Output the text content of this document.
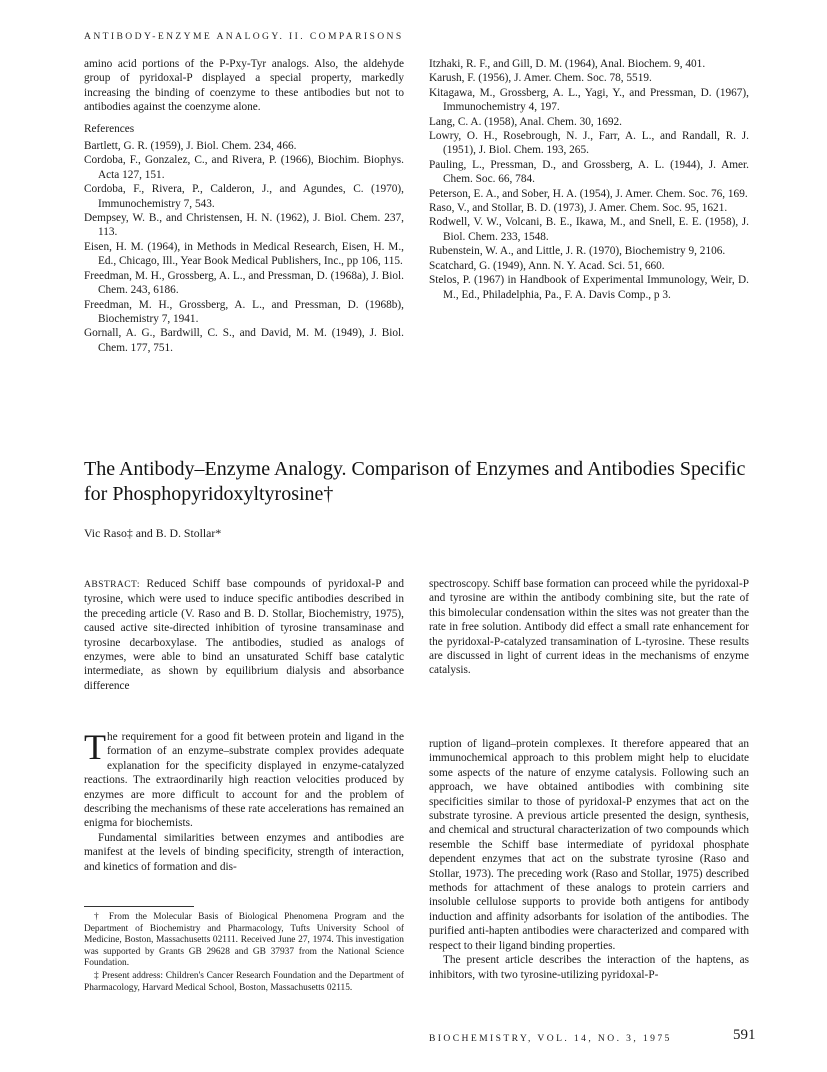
ANTIBODY-ENZYME ANALOGY. II. COMPARISONS

amino acid portions of the P-Pxy-Tyr analogs. Also, the aldehyde group of pyridoxal-P displayed a special property, markedly increasing the binding of coenzyme to these antibodies but not to antibodies against the coenzyme alone.

References

Bartlett, G. R. (1959), J. Biol. Chem. 234, 466.

Cordoba, F., Gonzalez, C., and Rivera, P. (1966), Biochim. Biophys. Acta 127, 151.

Cordoba, F., Rivera, P., Calderon, J., and Agundes, C. (1970), Immunochemistry 7, 543.

Dempsey, W. B., and Christensen, H. N. (1962), J. Biol. Chem. 237, 113.

Eisen, H. M. (1964), in Methods in Medical Research, Eisen, H. M., Ed., Chicago, Ill., Year Book Medical Publishers, Inc., pp 106, 115.

Freedman, M. H., Grossberg, A. L., and Pressman, D. (1968a), J. Biol. Chem. 243, 6186.

Freedman, M. H., Grossberg, A. L., and Pressman, D. (1968b), Biochemistry 7, 1941.

Gornall, A. G., Bardwill, C. S., and David, M. M. (1949), J. Biol. Chem. 177, 751.

Itzhaki, R. F., and Gill, D. M. (1964), Anal. Biochem. 9, 401.

Karush, F. (1956), J. Amer. Chem. Soc. 78, 5519.

Kitagawa, M., Grossberg, A. L., Yagi, Y., and Pressman, D. (1967), Immunochemistry 4, 197.

Lang, C. A. (1958), Anal. Chem. 30, 1692.

Lowry, O. H., Rosebrough, N. J., Farr, A. L., and Randall, R. J. (1951), J. Biol. Chem. 193, 265.

Pauling, L., Pressman, D., and Grossberg, A. L. (1944), J. Amer. Chem. Soc. 66, 784.

Peterson, E. A., and Sober, H. A. (1954), J. Amer. Chem. Soc. 76, 169.

Raso, V., and Stollar, B. D. (1973), J. Amer. Chem. Soc. 95, 1621.

Rodwell, V. W., Volcani, B. E., Ikawa, M., and Snell, E. E. (1958), J. Biol. Chem. 233, 1548.

Rubenstein, W. A., and Little, J. R. (1970), Biochemistry 9, 2106.

Scatchard, G. (1949), Ann. N. Y. Acad. Sci. 51, 660.

Stelos, P. (1967) in Handbook of Experimental Immunology, Weir, D. M., Ed., Philadelphia, Pa., F. A. Davis Comp., p 3.

The Antibody–Enzyme Analogy. Comparison of Enzymes and Antibodies Specific for Phosphopyridoxyltyrosine†
Vic Raso‡ and B. D. Stollar*

ABSTRACT: Reduced Schiff base compounds of pyridoxal-P and tyrosine, which were used to induce specific antibodies described in the preceding article (V. Raso and B. D. Stollar, Biochemistry, 1975), caused active site-directed inhibition of tyrosine transaminase and tyrosine decarboxylase. The antibodies, studied as analogs of enzymes, were able to bind an unsaturated Schiff base catalytic intermediate, as shown by equilibrium dialysis and absorbance difference

spectroscopy. Schiff base formation can proceed while the pyridoxal-P and tyrosine are within the antibody combining site, but the rate of this bimolecular condensation within the sites was not greater than the rate in free solution. Antibody did effect a small rate enhancement for the pyridoxal-P-catalyzed transamination of L-tyrosine. These results are discussed in light of current ideas in the mechanisms of enzyme catalysis.

The requirement for a good fit between protein and ligand in the formation of an enzyme–substrate complex provides adequate explanation for the specificity displayed in enzyme-catalyzed reactions. The extraordinarily high reaction velocities produced by enzymes are more difficult to account for and the problem of describing the mechanisms of these rate accelerations has remained an enigma for biochemists.

Fundamental similarities between enzymes and antibodies are manifest at the levels of binding specificity, strength of interaction, and kinetics of formation and dis-

ruption of ligand–protein complexes. It therefore appeared that an immunochemical approach to this problem might help to elucidate some aspects of the nature of enzyme catalysis. Following such an approach, we have obtained antibodies with combining site specificities similar to those of pyridoxal-P enzymes that act on the substrate tyrosine. A previous article presented the design, synthesis, and chemical and structural characterization of two compounds which resemble the Schiff base intermediate of pyridoxal phosphate dependent enzymes that act on the substrate tyrosine (Raso and Stollar, 1973). The preceding work (Raso and Stollar, 1975) described methods for attachment of these analogs to protein carriers and insoluble cellulose supports to provide both antigens for antibody induction and affinity adsorbants for isolation of the antibodies. The purified anti-hapten antibodies were characterized and compared with respect to their ligand binding properties.

The present article describes the interaction of the haptens, as inhibitors, with two tyrosine-utilizing pyridoxal-P-

† From the Molecular Basis of Biological Phenomena Program and the Department of Biochemistry and Pharmacology, Tufts University School of Medicine, Boston, Massachusetts 02111. Received June 27, 1974. This investigation was supported by Grants GB 29628 and GB 37937 from the National Science Foundation.

‡ Present address: Children's Cancer Research Foundation and the Department of Pharmacology, Harvard Medical School, Boston, Massachusetts 02115.

BIOCHEMISTRY, VOL. 14, NO. 3, 1975	591
